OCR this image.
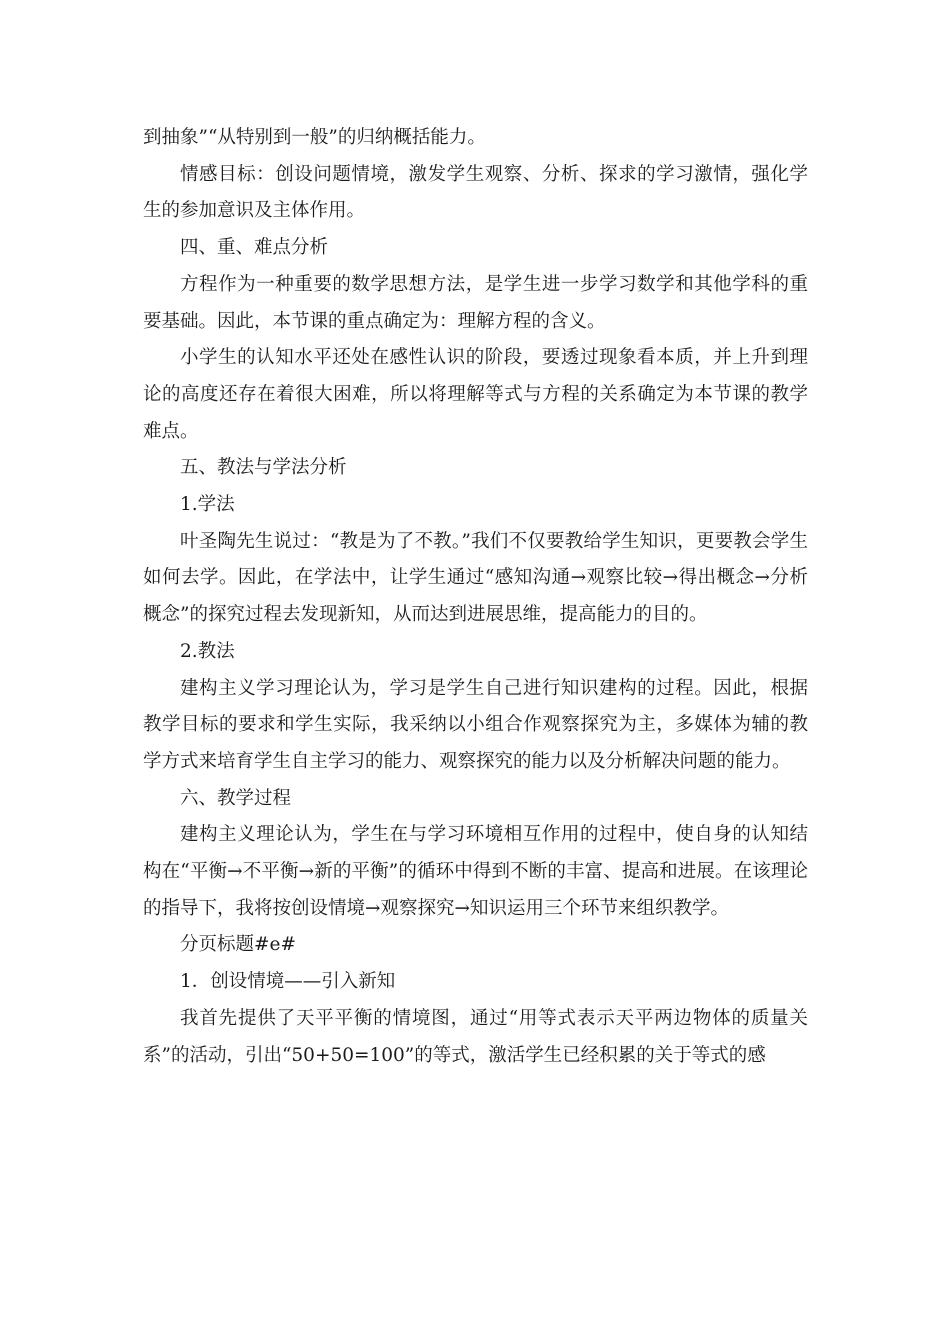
到抽象”“从特别到一般”的归纳概括能力。

情感目标：创设问题情境，激发学生观察、分析、探求的学习激情，强化学生的参加意识及主体作用。

四、重、难点分析

方程作为一种重要的数学思想方法，是学生进一步学习数学和其他学科的重要基础。因此，本节课的重点确定为：理解方程的含义。

小学生的认知水平还处在感性认识的阶段，要透过现象看本质，并上升到理论的高度还存在着很大困难，所以将理解等式与方程的关系确定为本节课的教学难点。

五、教法与学法分析

1.学法

叶圣陶先生说过：“教是为了不教。”我们不仅要教给学生知识，更要教会学生如何去学。因此，在学法中，让学生通过“感知沟通→观察比较→得出概念→分析概念”的探究过程去发现新知，从而达到进展思维，提高能力的目的。

2.教法

建构主义学习理论认为，学习是学生自己进行知识建构的过程。因此，根据教学目标的要求和学生实际，我采纳以小组合作观察探究为主，多媒体为辅的教学方式来培育学生自主学习的能力、观察探究的能力以及分析解决问题的能力。

六、教学过程

建构主义理论认为，学生在与学习环境相互作用的过程中，使自身的认知结构在“平衡→不平衡→新的平衡”的循环中得到不断的丰富、提高和进展。在该理论的指导下，我将按创设情境→观察探究→知识运用三个环节来组织教学。

分页标题#e#

1．创设情境——引入新知

我首先提供了天平平衡的情境图，通过“用等式表示天平两边物体的质量关系”的活动，引出“50+50=100”的等式，激活学生已经积累的关于等式的感
